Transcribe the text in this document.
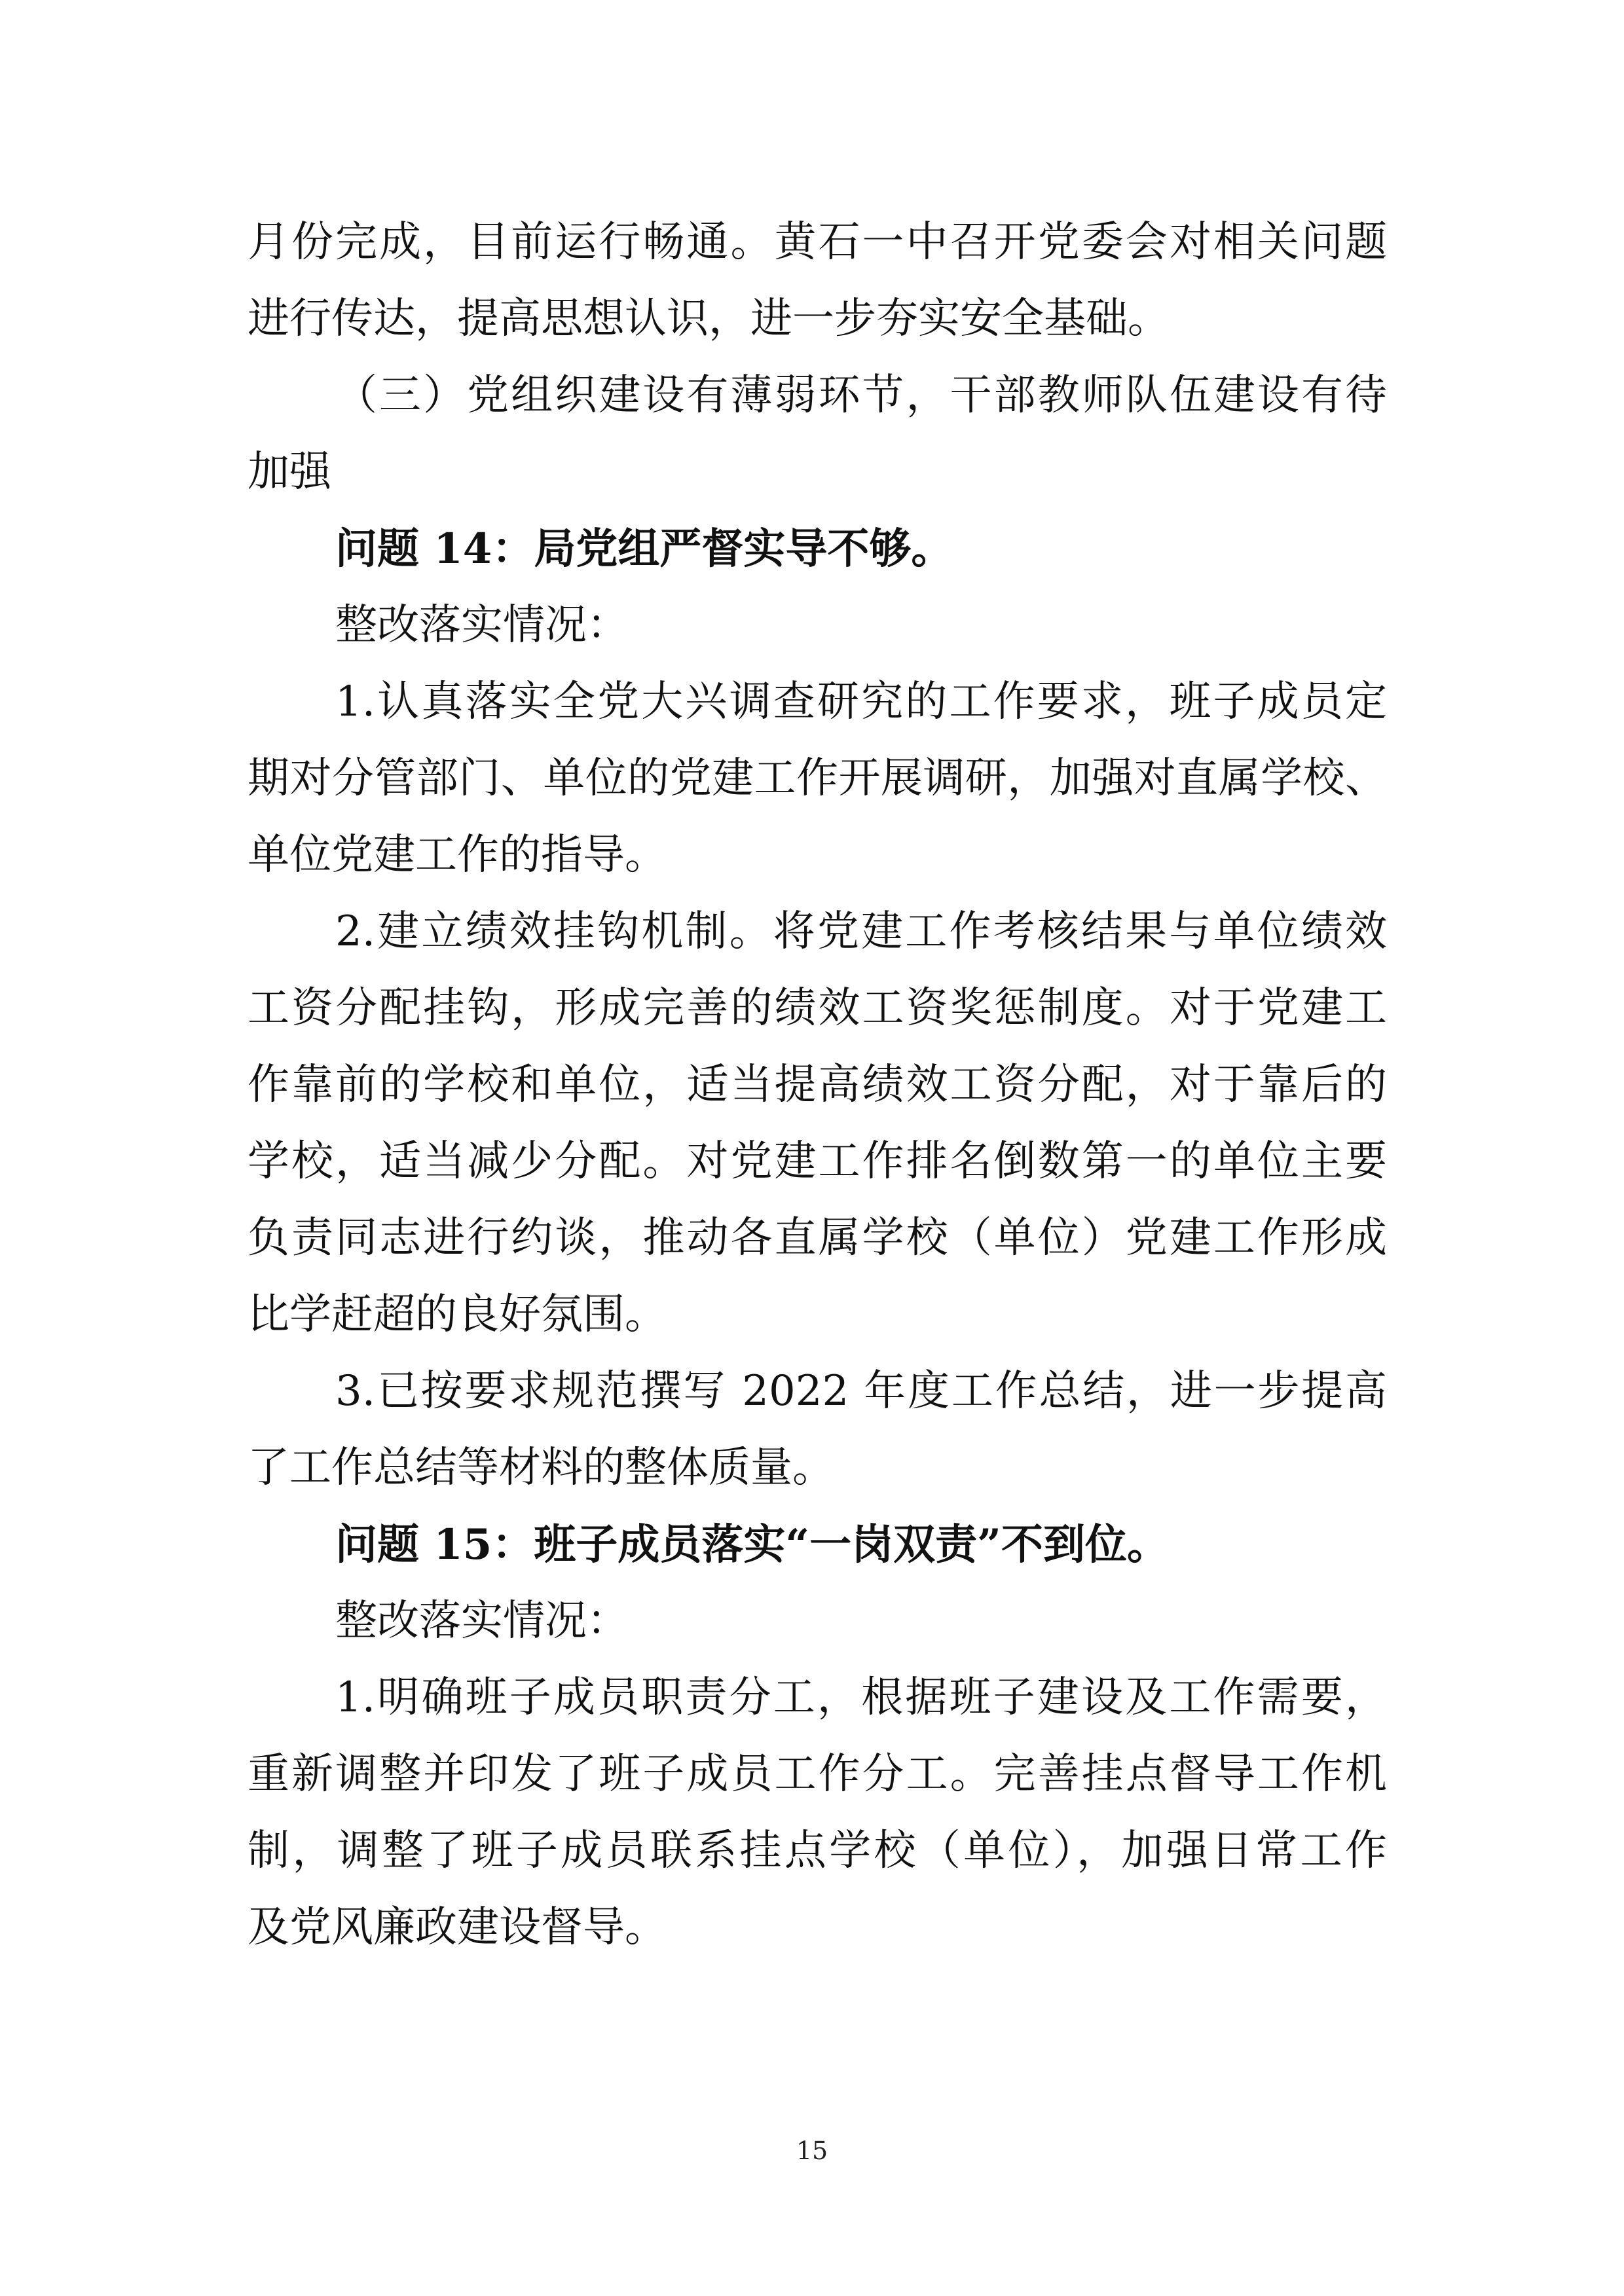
月份完成，目前运行畅通。黄石一中召开党委会对相关问题
进行传达，提高思想认识，进一步夯实安全基础。
（三）党组织建设有薄弱环节，干部教师队伍建设有待
加强
问题 14：局党组严督实导不够。
整改落实情况：
1.认真落实全党大兴调查研究的工作要求，班子成员定
期对分管部门、单位的党建工作开展调研，加强对直属学校、
单位党建工作的指导。
2.建立绩效挂钩机制。将党建工作考核结果与单位绩效
工资分配挂钩，形成完善的绩效工资奖惩制度。对于党建工
作靠前的学校和单位，适当提高绩效工资分配，对于靠后的
学校，适当减少分配。对党建工作排名倒数第一的单位主要
负责同志进行约谈，推动各直属学校（单位）党建工作形成
比学赶超的良好氛围。
3.已按要求规范撰写 2022 年度工作总结，进一步提高
了工作总结等材料的整体质量。
问题 15：班子成员落实“一岗双责”不到位。
整改落实情况：
1.明确班子成员职责分工，根据班子建设及工作需要，
重新调整并印发了班子成员工作分工。完善挂点督导工作机
制，调整了班子成员联系挂点学校（单位），加强日常工作
及党风廉政建设督导。
15
